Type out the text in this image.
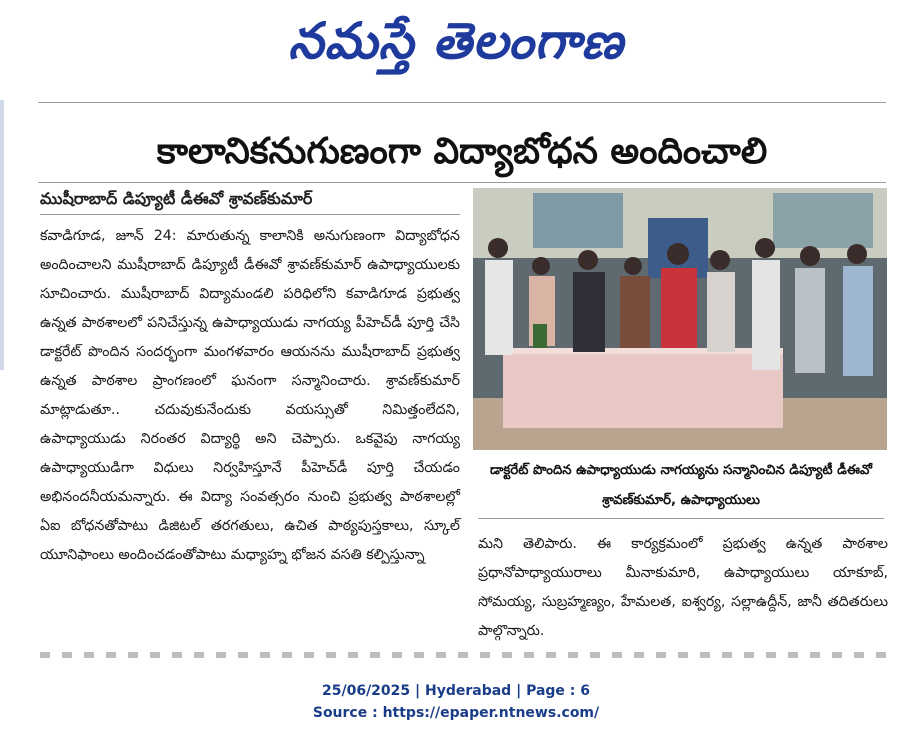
నమస్తే తెలంగాణ
కాలానికనుగుణంగా విద్యాబోధన అందించాలి
ముషీరాబాద్ డిప్యూటీ డీఈవో శ్రావణ్‌కుమార్

కవాడిగూడ, జూన్ 24: మారుతున్న కాలానికి అనుగుణంగా విద్యాబోధన అందించాలని ముషీరాబాద్ డిప్యూటీ డీఈవో శ్రావణ్‌కుమార్ ఉపాధ్యాయులకు సూచించారు. ముషీరాబాద్ విద్యామండలి పరిధిలోని కవాడిగూడ ప్రభుత్వ ఉన్నత పాఠశాలలో పనిచేస్తున్న ఉపాధ్యాయుడు నాగయ్య పీహెచ్‌డీ పూర్తి చేసి డాక్టరేట్ పొందిన సందర్భంగా మంగళవారం ఆయనను ముషీరాబాద్ ప్రభుత్వ ఉన్నత పాఠశాల ప్రాంగణంలో ఘనంగా సన్మానించారు. శ్రావణ్‌కుమార్ మాట్లాడుతూ.. చదువుకునేందుకు వయస్సుతో నిమిత్తంలేదని, ఉపాధ్యాయుడు నిరంతర విద్యార్థి అని చెప్పారు. ఒకవైపు నాగయ్య ఉపాధ్యాయుడిగా విధులు నిర్వహిస్తూనే పీహెచ్‌డీ పూర్తి చేయడం అభినందనీయమన్నారు. ఈ విద్యా సంవత్సరం నుంచి ప్రభుత్వ పాఠశాలల్లో ఏఐ బోధనతోపాటు డిజిటల్ తరగతులు, ఉచిత పాఠ్యపుస్తకాలు, స్కూల్ యూనిఫాంలు అందించడంతోపాటు మధ్యాహ్న భోజన వసతి కల్పిస్తున్నా

డాక్టరేట్ పొందిన ఉపాధ్యాయుడు నాగయ్యను సన్మానించిన డిప్యూటీ డీఈవో శ్రావణ్‌కుమార్, ఉపాధ్యాయులు

మని తెలిపారు. ఈ కార్యక్రమంలో ప్రభుత్వ ఉన్నత పాఠశాల ప్రధానోపాధ్యాయురాలు మీనాకుమారి, ఉపాధ్యాయులు యాకూబ్, సోమయ్య, సుబ్రహ్మణ్యం, హేమలత, ఐశ్వర్య, సల్లాఉద్దీన్, జానీ తదితరులు పాల్గొన్నారు.

25/06/2025 | Hyderabad | Page : 6
Source : https://epaper.ntnews.com/
